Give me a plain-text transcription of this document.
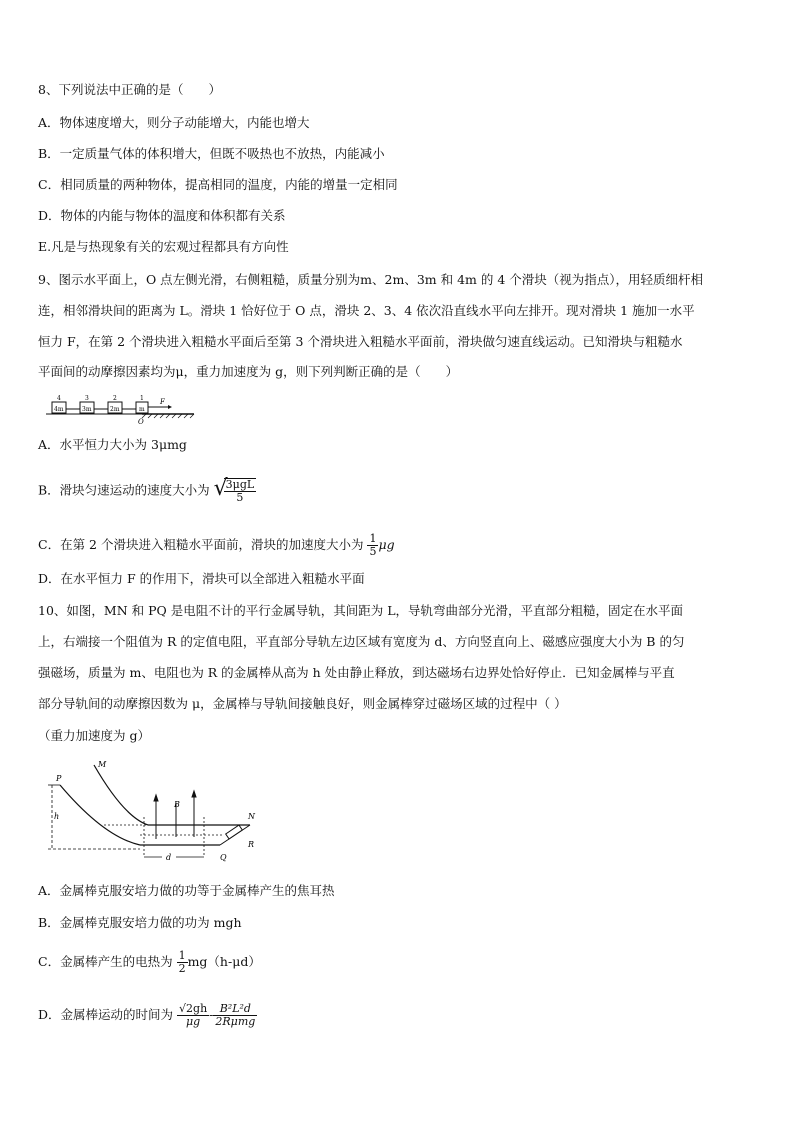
8、下列说法中正确的是（　　）
A．物体速度增大，则分子动能增大，内能也增大
B．一定质量气体的体积增大，但既不吸热也不放热，内能减小
C．相同质量的两种物体，提高相同的温度，内能的增量一定相同
D．物体的内能与物体的温度和体积都有关系
E.凡是与热现象有关的宏观过程都具有方向性
9、图示水平面上，O 点左侧光滑，右侧粗糙，质量分别为m、2m、3m 和 4m 的 4 个滑块（视为指点），用轻质细杆相
连，相邻滑块间的距离为 L。滑块 1 恰好位于 O 点，滑块 2、3、4 依次沿直线水平向左排开。现对滑块 1 施加一水平
恒力 F，在第 2 个滑块进入粗糙水平面后至第 3 个滑块进入粗糙水平面前，滑块做匀速直线运动。已知滑块与粗糙水
平面间的动摩擦因素均为μ，重力加速度为 g，则下列判断正确的是（　　）
4m	3m	2m	m
4	3	2	1 F
O
A．水平恒力大小为 3μmg
B．滑块匀速运动的速度大小为 √
$\frac{\text{3μgL}}{5}$
C．在第 2 个滑块进入粗糙水平面前，滑块的加速度大小为 $\frac{1}{5}$ μg
D．在水平恒力 F 的作用下，滑块可以全部进入粗糙水平面
10、如图，MN 和 PQ 是电阻不计的平行金属导轨，其间距为 L，导轨弯曲部分光滑，平直部分粗糙，固定在水平面
上，右端接一个阻值为 R 的定值电阻，平直部分导轨左边区域有宽度为 d、方向竖直向上、磁感应强度大小为 B 的匀
强磁场，质量为 m、电阻也为 R 的金属棒从高为 h 处由静止释放，到达磁场右边界处恰好停止．已知金属棒与平直
部分导轨间的动摩擦因数为 μ，金属棒与导轨间接触良好，则金属棒穿过磁场区域的过程中（ ）
（重力加速度为 g）
P
M
B
N
h
R
d	Q
A．金属棒克服安培力做的功等于金属棒产生的焦耳热
B．金属棒克服安培力做的功为 mgh
C．金属棒产生的电热为 $\frac{1}{2} mg(h-\mu d)$
D．金属棒运动的时间为 $\frac{√2gh}{\mu g} - \frac{\text{B²L²d}}{\text{2Rμmg}}$
